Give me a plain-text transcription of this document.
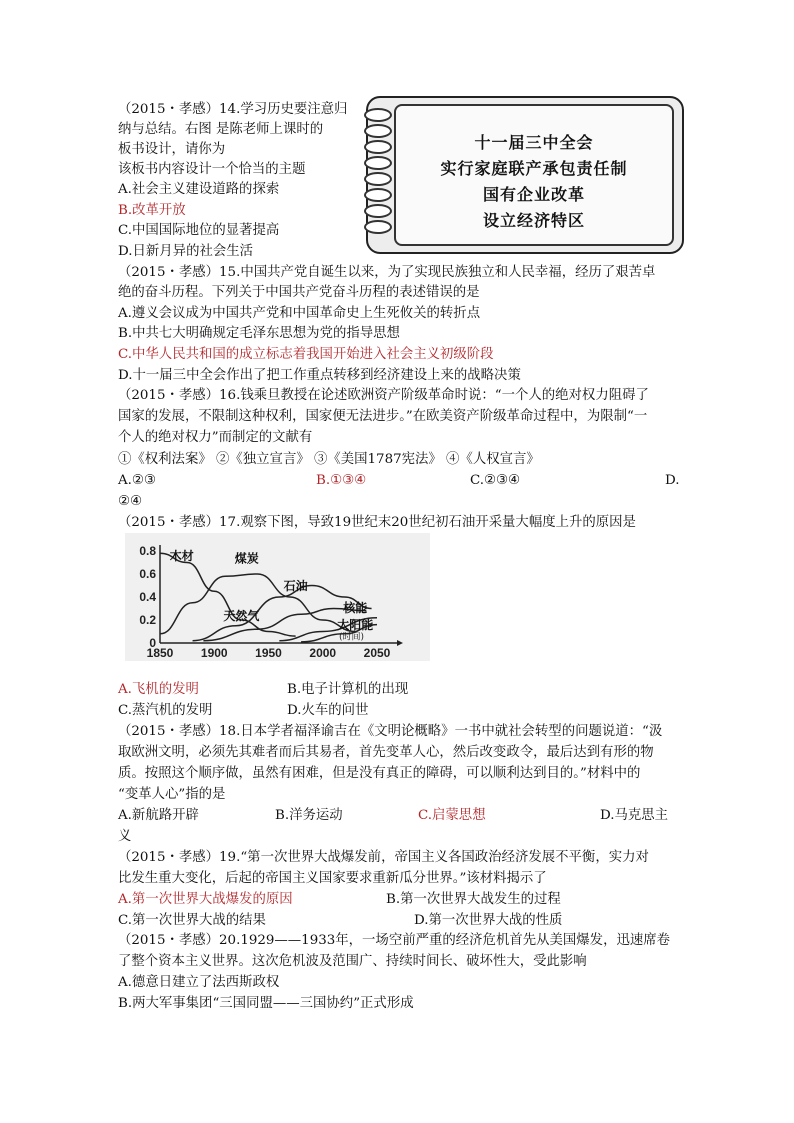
（2015・孝感）14.学习历史要注意归
纳与总结。右图 是陈老师上课时的
板书设计，请你为
该板书内容设计一个恰当的主题
A.社会主义建设道路的探索
B.改革开放
C.中国国际地位的显著提高
D.日新月异的社会生活
十一届三中全会
实行家庭联产承包责任制
国有企业改革
设立经济特区
（2015・孝感）15.中国共产党自诞生以来，为了实现民族独立和人民幸福，经历了艰苦卓
绝的奋斗历程。下列关于中国共产党奋斗历程的表述错误的是
A.遵义会议成为中国共产党和中国革命史上生死攸关的转折点
B.中共七大明确规定毛泽东思想为党的指导思想
C.中华人民共和国的成立标志着我国开始进入社会主义初级阶段
D.十一届三中全会作出了把工作重点转移到经济建设上来的战略决策
（2015・孝感）16.钱乘旦教授在论述欧洲资产阶级革命时说：“一个人的绝对权力阻碍了
国家的发展，不限制这种权利，国家便无法进步。”在欧美资产阶级革命过程中，为限制“一
个人的绝对权力”而制定的文献有
①《权利法案》 ②《独立宣言》 ③《美国1787宪法》 ④《人权宣言》
A.②③	B.①③④	C.②③④	D.
②④
（2015・孝感）17.观察下图，导致19世纪末20世纪初石油开采量大幅度上升的原因是
0.8
0.6
0.4
0.2
0
1850 1900 1950 2000 2050
木材	煤炭
石油
天然气
核能
太阳能
(时间)
A.飞机的发明	B.电子计算机的出现
C.蒸汽机的发明	D.火车的问世
（2015・孝感）18.日本学者福泽谕吉在《文明论概略》一书中就社会转型的问题说道：“汲
取欧洲文明，必须先其难者而后其易者，首先变革人心，然后改变政令，最后达到有形的物
质。按照这个顺序做，虽然有困难，但是没有真正的障碍，可以顺利达到目的。”材料中的
“变革人心”指的是
A.新航路开辟	B.洋务运动	C.启蒙思想	D.马克思主
义
（2015・孝感）19.“第一次世界大战爆发前，帝国主义各国政治经济发展不平衡，实力对
比发生重大变化，后起的帝国主义国家要求重新瓜分世界。”该材料揭示了
A.第一次世界大战爆发的原因	B.第一次世界大战发生的过程
C.第一次世界大战的结果	D.第一次世界大战的性质
（2015・孝感）20.1929——1933年，一场空前严重的经济危机首先从美国爆发，迅速席卷
了整个资本主义世界。这次危机波及范围广、持续时间长、破坏性大，受此影响
A.德意日建立了法西斯政权
B.两大军事集团“三国同盟——三国协约”正式形成
